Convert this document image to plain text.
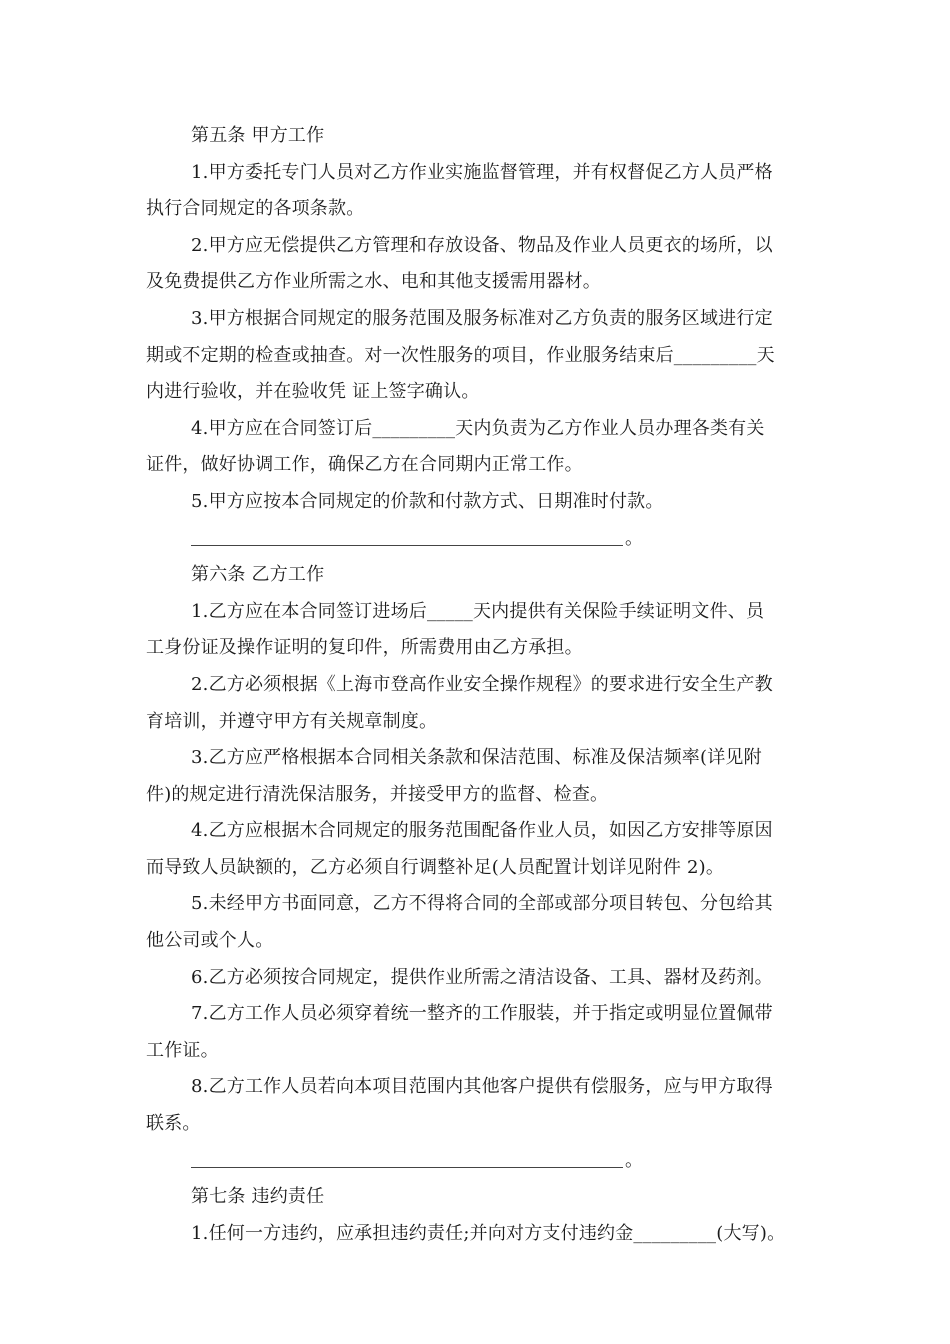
第五条 甲方工作
1.甲方委托专门人员对乙方作业实施监督管理，并有权督促乙方人员严格
执行合同规定的各项条款。
2.甲方应无偿提供乙方管理和存放设备、物品及作业人员更衣的场所，以
及免费提供乙方作业所需之水、电和其他支援需用器材。
3.甲方根据合同规定的服务范围及服务标准对乙方负责的服务区域进行定
期或不定期的检查或抽查。对一次性服务的项目，作业服务结束后_________天
内进行验收，并在验收凭 证上签字确认。
4.甲方应在合同签订后_________天内负责为乙方作业人员办理各类有关
证件，做好协调工作，确保乙方在合同期内正常工作。
5.甲方应按本合同规定的价款和付款方式、日期准时付款。
。
第六条 乙方工作
1.乙方应在本合同签订进场后_____天内提供有关保险手续证明文件、员
工身份证及操作证明的复印件，所需费用由乙方承担。
2.乙方必须根据《上海市登高作业安全操作规程》的要求进行安全生产教
育培训，并遵守甲方有关规章制度。
3.乙方应严格根据本合同相关条款和保洁范围、标准及保洁频率(详见附
件)的规定进行清洗保洁服务，并接受甲方的监督、检查。
4.乙方应根据木合同规定的服务范围配备作业人员，如因乙方安排等原因
而导致人员缺额的，乙方必须自行调整补足(人员配置计划详见附件 2)。
5.未经甲方书面同意，乙方不得将合同的全部或部分项目转包、分包给其
他公司或个人。
6.乙方必须按合同规定，提供作业所需之清洁设备、工具、器材及药剂。
7.乙方工作人员必须穿着统一整齐的工作服装，并于指定或明显位置佩带
工作证。
8.乙方工作人员若向本项目范围内其他客户提供有偿服务，应与甲方取得
联系。
。
第七条 违约责任
1.任何一方违约，应承担违约责任;并向对方支付违约金_________(大写)。
